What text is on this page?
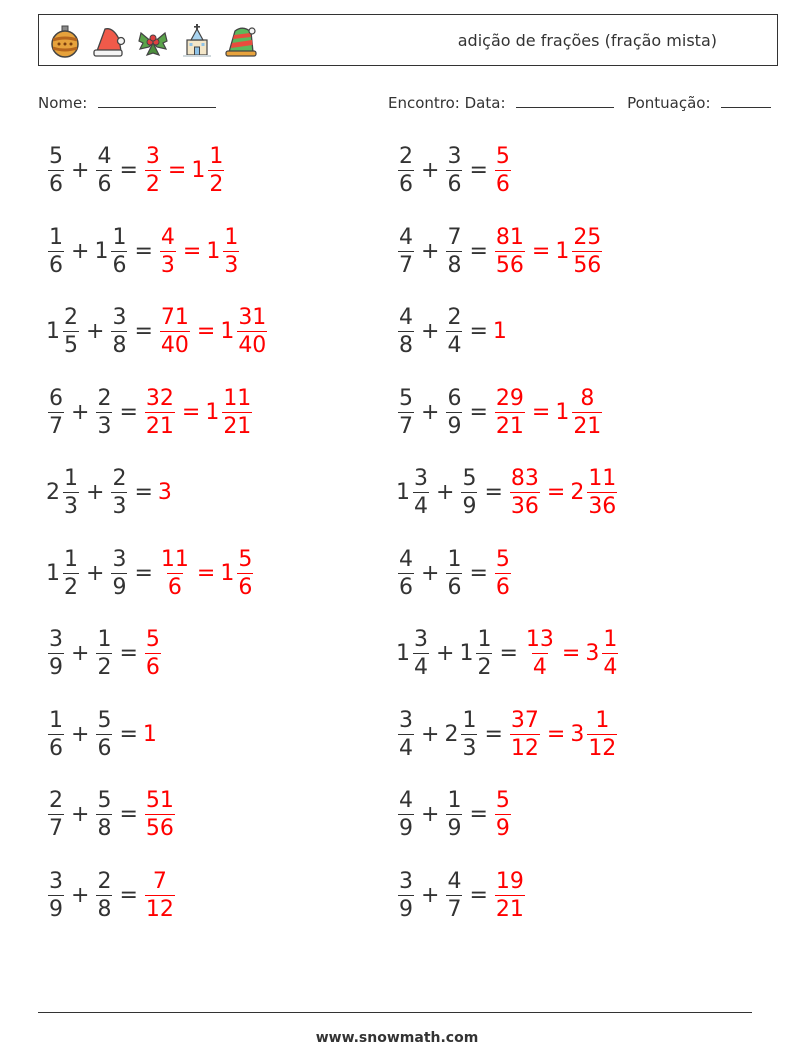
adição de frações (fração mista)
Nome:	Encontro: Data:	Pontuação:
$\frac{5}{6} + \frac{4}{6} = \frac{3}{2} = 1 \frac{1}{2}$
$\frac{1}{6} + 1 \frac{1}{6} = \frac{4}{3} = 1 \frac{1}{3}$
$1 \frac{2}{5} + \frac{3}{8} = \frac{71}{40} = 1 \frac{31}{40}$
$\frac{6}{7} + \frac{2}{3} = \frac{32}{21} = 1 \frac{11}{21}$
$2 \frac{1}{3} + \frac{2}{3} = 3$
$1 \frac{1}{2} + \frac{3}{9} = \frac{11}{6} = 1 \frac{5}{6}$
$\frac{3}{9} + \frac{1}{2} = \frac{5}{6}$
$\frac{1}{6} + \frac{5}{6} = 1$
$\frac{2}{7} + \frac{5}{8} = \frac{51}{56}$
$\frac{3}{9} + \frac{2}{8} = \frac{7}{12}$
$\frac{2}{6} + \frac{3}{6} = \frac{5}{6}$
$\frac{4}{7} + \frac{7}{8} = \frac{81}{56} = 1 \frac{25}{56}$
$\frac{4}{8} + \frac{2}{4} = 1$
$\frac{5}{7} + \frac{6}{9} = \frac{29}{21} = 1 \frac{8}{21}$
$1 \frac{3}{4} + \frac{5}{9} = \frac{83}{36} = 2 \frac{11}{36}$
$\frac{4}{6} + \frac{1}{6} = \frac{5}{6}$
$1 \frac{3}{4} + 1 \frac{1}{2} = \frac{13}{4} = 3 \frac{1}{4}$
$\frac{3}{4} + 2 \frac{1}{3} = \frac{37}{12} = 3 \frac{1}{12}$
$\frac{4}{9} + \frac{1}{9} = \frac{5}{9}$
$\frac{3}{9} + \frac{4}{7} = \frac{19}{21}$
www.snowmath.com
